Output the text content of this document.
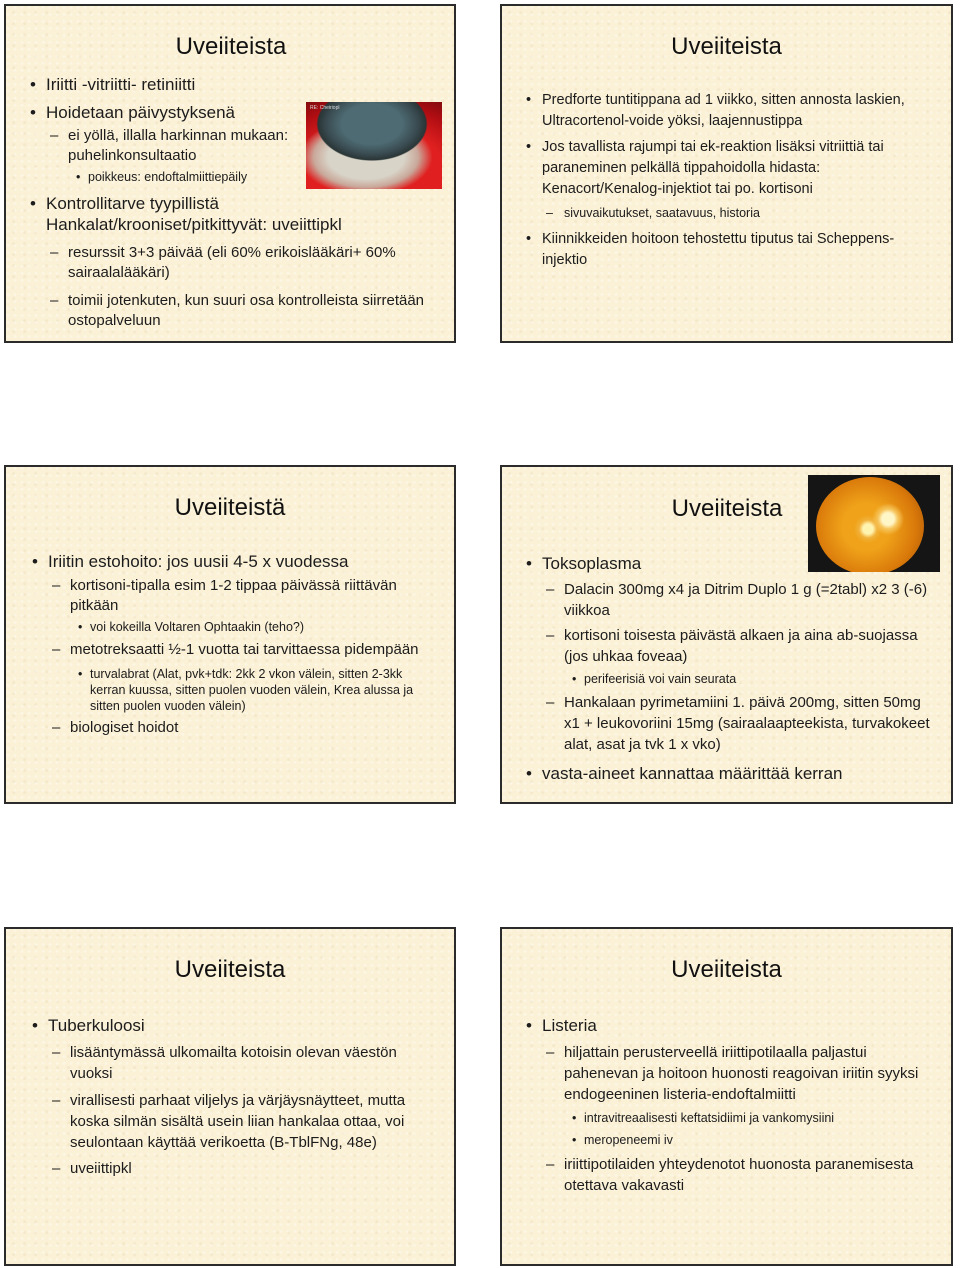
Uveiiteista
RE: Cheiriopl
• Iriitti -vitriitti- retiniitti
• Hoidetaan päivystyksenä
– ei yöllä, illalla harkinnan mukaan: puhelinkonsultaatio
• poikkeus: endoftalmiittiepäily
• Kontrollitarve tyypillistä Hankalat/krooniset/pitkittyvät: uveiittipkl
– resurssit 3+3 päivää (eli 60% erikoislääkäri+ 60% sairaalalääkäri)
– toimii jotenkuten, kun suuri osa kontrolleista siirretään ostopalveluun
Uveiiteista
• Predforte tuntitippana ad 1 viikko, sitten annosta laskien, Ultracortenol-voide yöksi, laajennustippa
• Jos tavallista rajumpi tai ek-reaktion lisäksi vitriittiä tai paraneminen pelkällä tippahoidolla hidasta: Kenacort/Kenalog-injektiot tai po. kortisoni
– sivuvaikutukset, saatavuus, historia
• Kiinnikkeiden hoitoon tehostettu tiputus tai Scheppens-injektio
Uveiiteistä
• Iriitin estohoito: jos uusii 4-5 x vuodessa
– kortisoni-tipalla esim 1-2 tippaa päivässä riittävän pitkään
• voi kokeilla Voltaren Ophtaakin (teho?)
– metotreksaatti ½-1 vuotta tai tarvittaessa pidempään
• turvalabrat (Alat, pvk+tdk: 2kk 2 vkon välein, sitten 2-3kk kerran kuussa, sitten puolen vuoden välein, Krea alussa ja sitten puolen vuoden välein)
– biologiset hoidot
Uveiiteista
• Toksoplasma
– Dalacin 300mg x4 ja Ditrim Duplo 1 g (=2tabl) x2 3 (-6) viikkoa
– kortisoni toisesta päivästä alkaen ja aina ab-suojassa (jos uhkaa foveaa)
• perifeerisiä voi vain seurata
– Hankalaan pyrimetamiini 1. päivä 200mg, sitten 50mg x1 + leukovoriini 15mg (sairaalaapteekista, turvakokeet alat, asat ja tvk 1 x vko)
• vasta-aineet kannattaa määrittää kerran
Uveiiteista
• Tuberkuloosi
– lisääntymässä ulkomailta kotoisin olevan väestön vuoksi
– virallisesti parhaat viljelys ja värjäysnäytteet, mutta koska silmän sisältä usein liian hankalaa ottaa, voi seulontaan käyttää verikoetta (B-TblFNg, 48e)
– uveiittipkl
Uveiiteista
• Listeria
– hiljattain perusterveellä iriittipotilaalla paljastui pahenevan ja hoitoon huonosti reagoivan iriitin syyksi endogeeninen listeria-endoftalmiitti
• intravitreaalisesti keftatsidiimi ja vankomysiini
• meropeneemi iv
– iriittipotilaiden yhteydenotot huonosta paranemisesta otettava vakavasti
